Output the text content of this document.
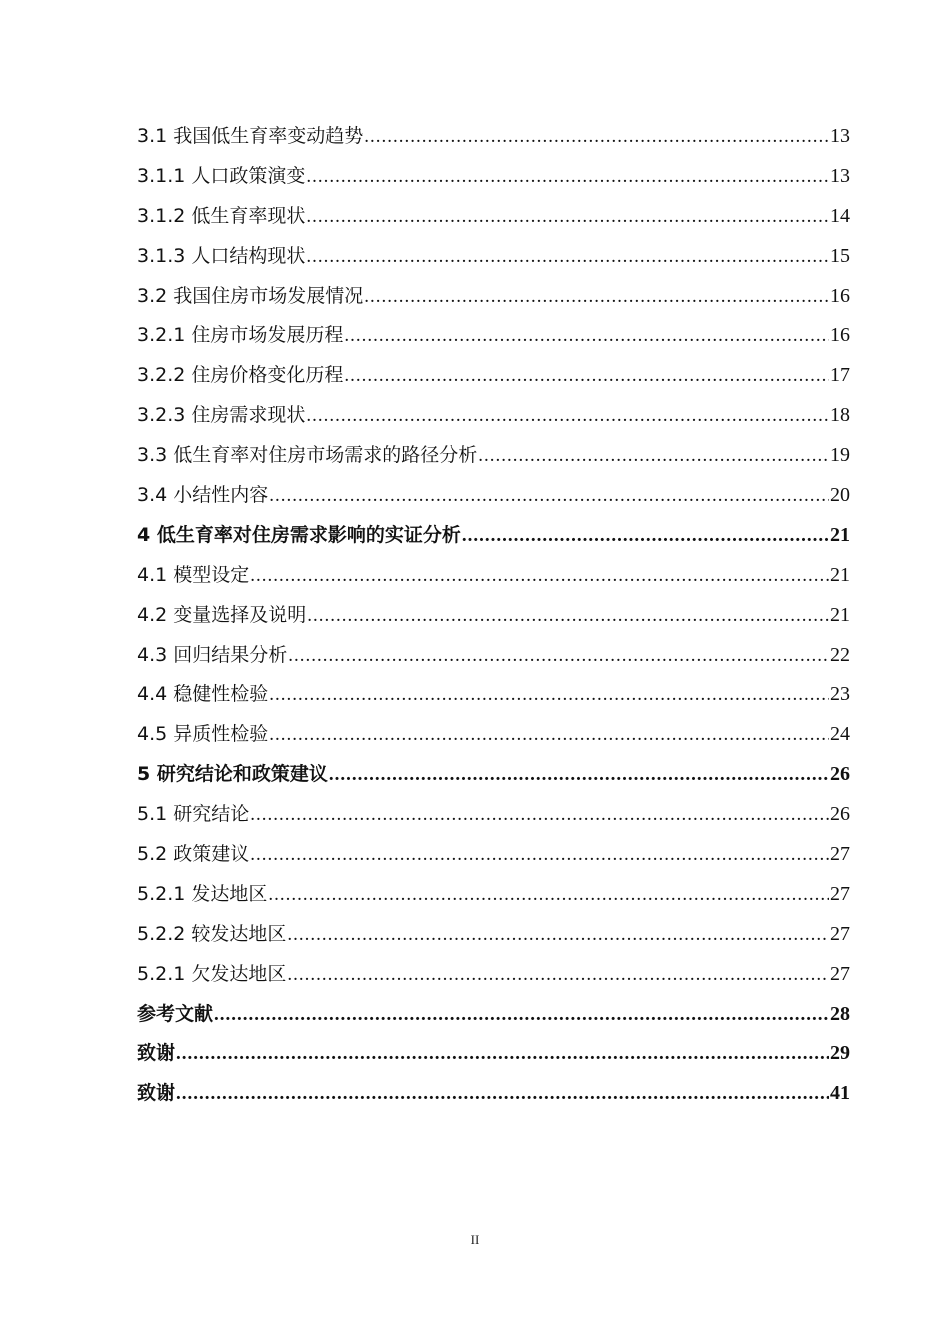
3.1 我国低生育率变动趋势 .....	13
3.1.1 人口政策演变 .....	13
3.1.2 低生育率现状 .....	14
3.1.3 人口结构现状 .....	15
3.2 我国住房市场发展情况 .....	16
3.2.1 住房市场发展历程 .....	16
3.2.2 住房价格变化历程 .....	17
3.2.3 住房需求现状 .....	18
3.3 低生育率对住房市场需求的路径分析 .....	19
3.4 小结性内容 .....	20
4 低生育率对住房需求影响的实证分析 .....	21
4.1 模型设定 .....	21
4.2 变量选择及说明 .....	21
4.3 回归结果分析 .....	22
4.4 稳健性检验 .....	23
4.5 异质性检验 .....	24
5 研究结论和政策建议 .....	26
5.1 研究结论 .....	26
5.2 政策建议 .....	27
5.2.1 发达地区 .....	27
5.2.2 较发达地区 .....	27
5.2.1 欠发达地区 .....	27
参考文献 .....	28
致谢 .....	29
致谢 .....	41
II
